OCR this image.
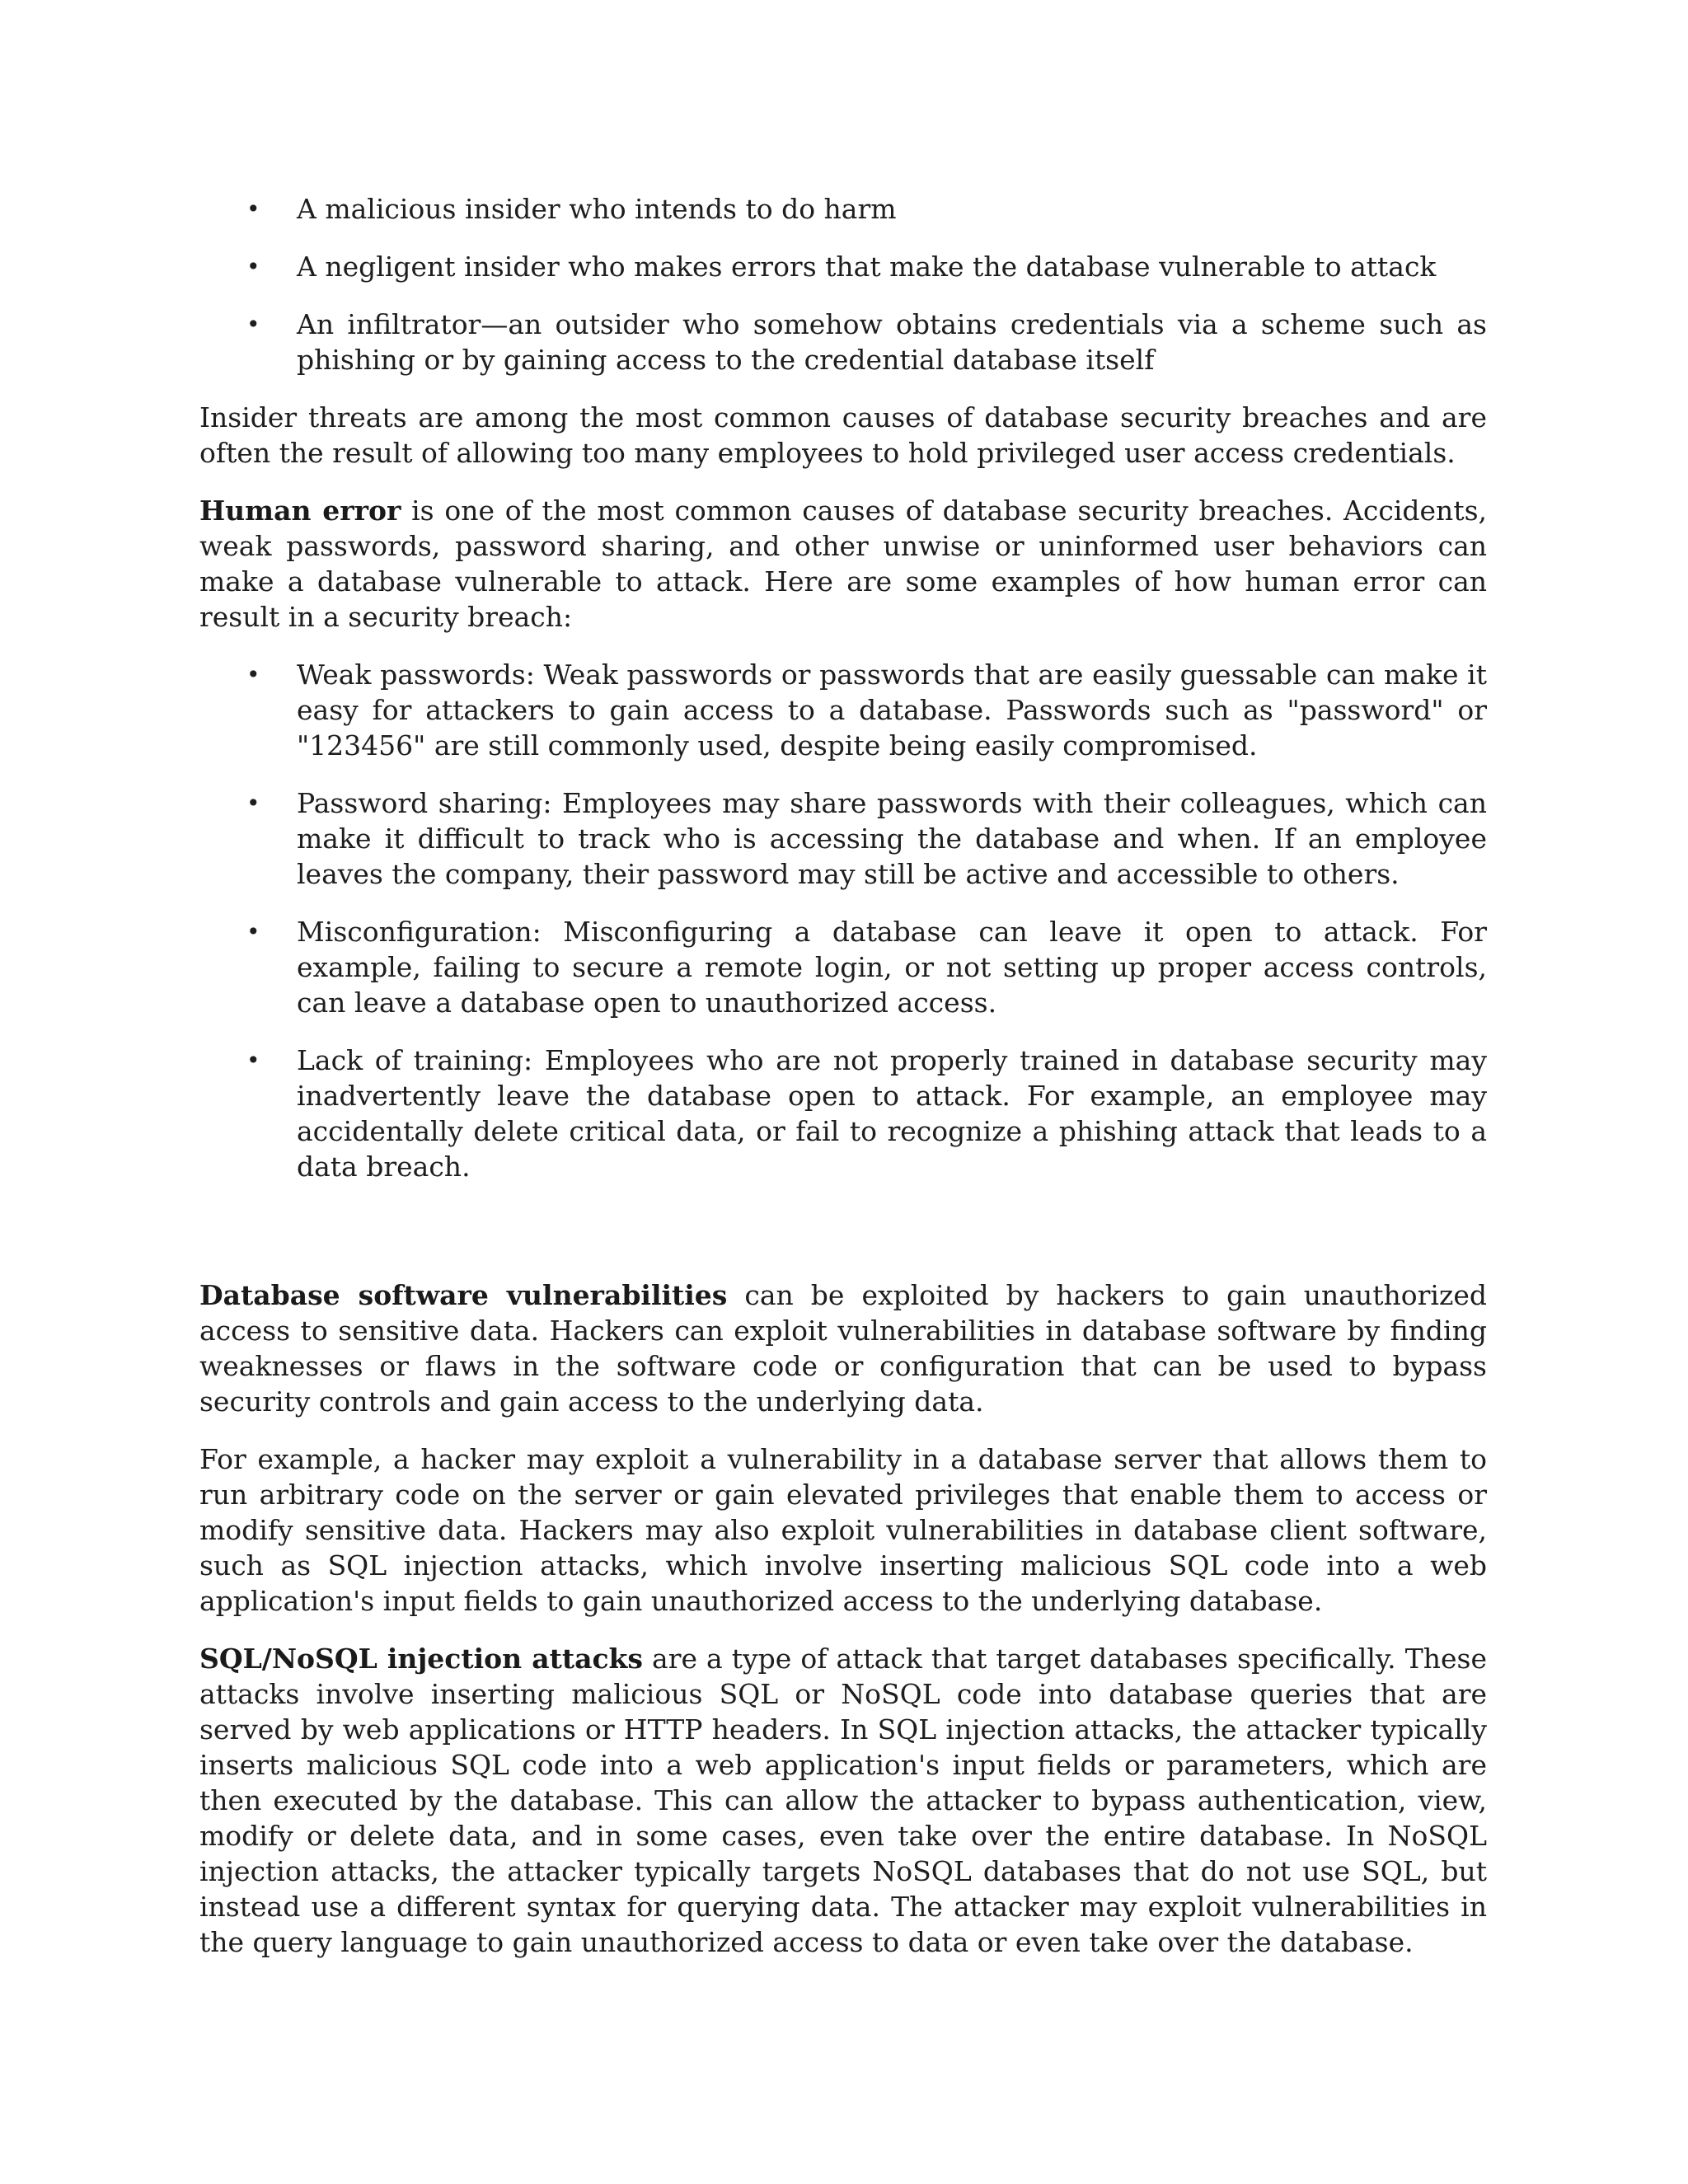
• A malicious insider who intends to do harm
• A negligent insider who makes errors that make the database vulnerable to attack
• An infiltrator—an outsider who somehow obtains credentials via a scheme such as phishing or by gaining access to the credential database itself

Insider threats are among the most common causes of database security breaches and are often the result of allowing too many employees to hold privileged user access credentials.

Human error is one of the most common causes of database security breaches. Accidents, weak passwords, password sharing, and other unwise or uninformed user behaviors can make a database vulnerable to attack. Here are some examples of how human error can result in a security breach:

• Weak passwords: Weak passwords or passwords that are easily guessable can make it easy for attackers to gain access to a database. Passwords such as "password" or "123456" are still commonly used, despite being easily compromised.
• Password sharing: Employees may share passwords with their colleagues, which can make it difficult to track who is accessing the database and when. If an employee leaves the company, their password may still be active and accessible to others.
• Misconfiguration: Misconfiguring a database can leave it open to attack. For example, failing to secure a remote login, or not setting up proper access controls, can leave a database open to unauthorized access.
• Lack of training: Employees who are not properly trained in database security may inadvertently leave the database open to attack. For example, an employee may accidentally delete critical data, or fail to recognize a phishing attack that leads to a data breach.

Database software vulnerabilities can be exploited by hackers to gain unauthorized access to sensitive data. Hackers can exploit vulnerabilities in database software by finding weaknesses or flaws in the software code or configuration that can be used to bypass security controls and gain access to the underlying data.

For example, a hacker may exploit a vulnerability in a database server that allows them to run arbitrary code on the server or gain elevated privileges that enable them to access or modify sensitive data. Hackers may also exploit vulnerabilities in database client software, such as SQL injection attacks, which involve inserting malicious SQL code into a web application's input fields to gain unauthorized access to the underlying database.

SQL/NoSQL injection attacks are a type of attack that target databases specifically. These attacks involve inserting malicious SQL or NoSQL code into database queries that are served by web applications or HTTP headers. In SQL injection attacks, the attacker typically inserts malicious SQL code into a web application's input fields or parameters, which are then executed by the database. This can allow the attacker to bypass authentication, view, modify or delete data, and in some cases, even take over the entire database. In NoSQL injection attacks, the attacker typically targets NoSQL databases that do not use SQL, but instead use a different syntax for querying data. The attacker may exploit vulnerabilities in the query language to gain unauthorized access to data or even take over the database.
